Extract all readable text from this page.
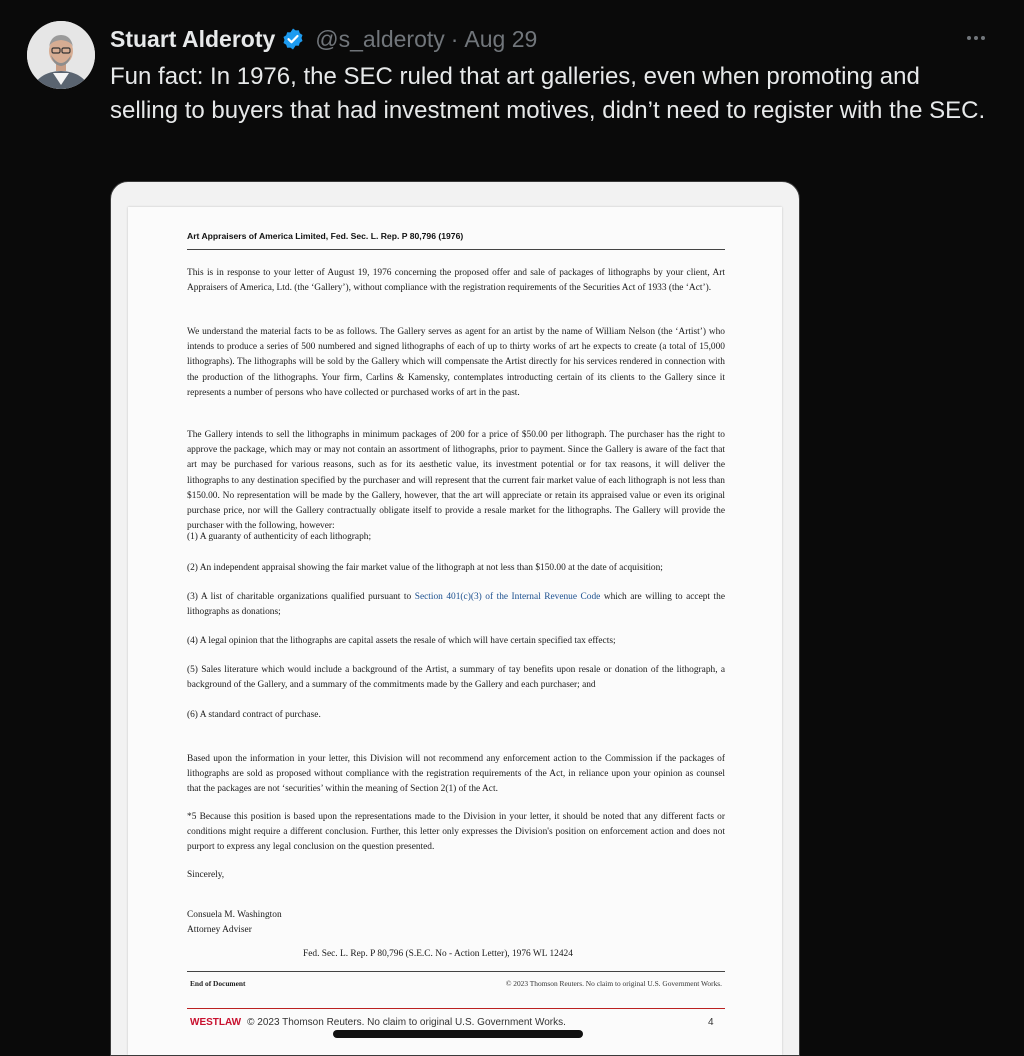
Stuart Alderoty @s_alderoty · Aug 29
Fun fact: In 1976, the SEC ruled that art galleries, even when promoting and selling to buyers that had investment motives, didn’t need to register with the SEC.
Art Appraisers of America Limited, Fed. Sec. L. Rep. P 80,796 (1976)
This is in response to your letter of August 19, 1976 concerning the proposed offer and sale of packages of lithographs by your client, Art Appraisers of America, Ltd. (the ‘Gallery’), without compliance with the registration requirements of the Securities Act of 1933 (the ‘Act’).
We understand the material facts to be as follows. The Gallery serves as agent for an artist by the name of William Nelson (the ‘Artist’) who intends to produce a series of 500 numbered and signed lithographs of each of up to thirty works of art he expects to create (a total of 15,000 lithographs). The lithographs will be sold by the Gallery which will compensate the Artist directly for his services rendered in connection with the production of the lithographs. Your firm, Carlins & Kamensky, contemplates introducting certain of its clients to the Gallery since it represents a number of persons who have collected or purchased works of art in the past.
The Gallery intends to sell the lithographs in minimum packages of 200 for a price of $50.00 per lithograph. The purchaser has the right to approve the package, which may or may not contain an assortment of lithographs, prior to payment. Since the Gallery is aware of the fact that art may be purchased for various reasons, such as for its aesthetic value, its investment potential or for tax reasons, it will deliver the lithographs to any destination specified by the purchaser and will represent that the current fair market value of each lithograph is not less than $150.00. No representation will be made by the Gallery, however, that the art will appreciate or retain its appraised value or even its original purchase price, nor will the Gallery contractually obligate itself to provide a resale market for the lithographs. The Gallery will provide the purchaser with the following, however:
(1) A guaranty of authenticity of each lithograph;
(2) An independent appraisal showing the fair market value of the lithograph at not less than $150.00 at the date of acquisition;
(3) A list of charitable organizations qualified pursuant to Section 401(c)(3) of the Internal Revenue Code which are willing to accept the lithographs as donations;
(4) A legal opinion that the lithographs are capital assets the resale of which will have certain specified tax effects;
(5) Sales literature which would include a background of the Artist, a summary of tay benefits upon resale or donation of the lithograph, a background of the Gallery, and a summary of the commitments made by the Gallery and each purchaser; and
(6) A standard contract of purchase.
Based upon the information in your letter, this Division will not recommend any enforcement action to the Commission if the packages of lithographs are sold as proposed without compliance with the registration requirements of the Act, in reliance upon your opinion as counsel that the packages are not ‘securities’ within the meaning of Section 2(1) of the Act.
*5 Because this position is based upon the representations made to the Division in your letter, it should be noted that any different facts or conditions might require a different conclusion. Further, this letter only expresses the Division's position on enforcement action and does not purport to express any legal conclusion on the question presented.
Sincerely,
Consuela M. Washington
Attorney Adviser
Fed. Sec. L. Rep. P 80,796 (S.E.C. No - Action Letter), 1976 WL 12424
End of Document	© 2023 Thomson Reuters. No claim to original U.S. Government Works.
WESTLAW © 2023 Thomson Reuters. No claim to original U.S. Government Works.	4
